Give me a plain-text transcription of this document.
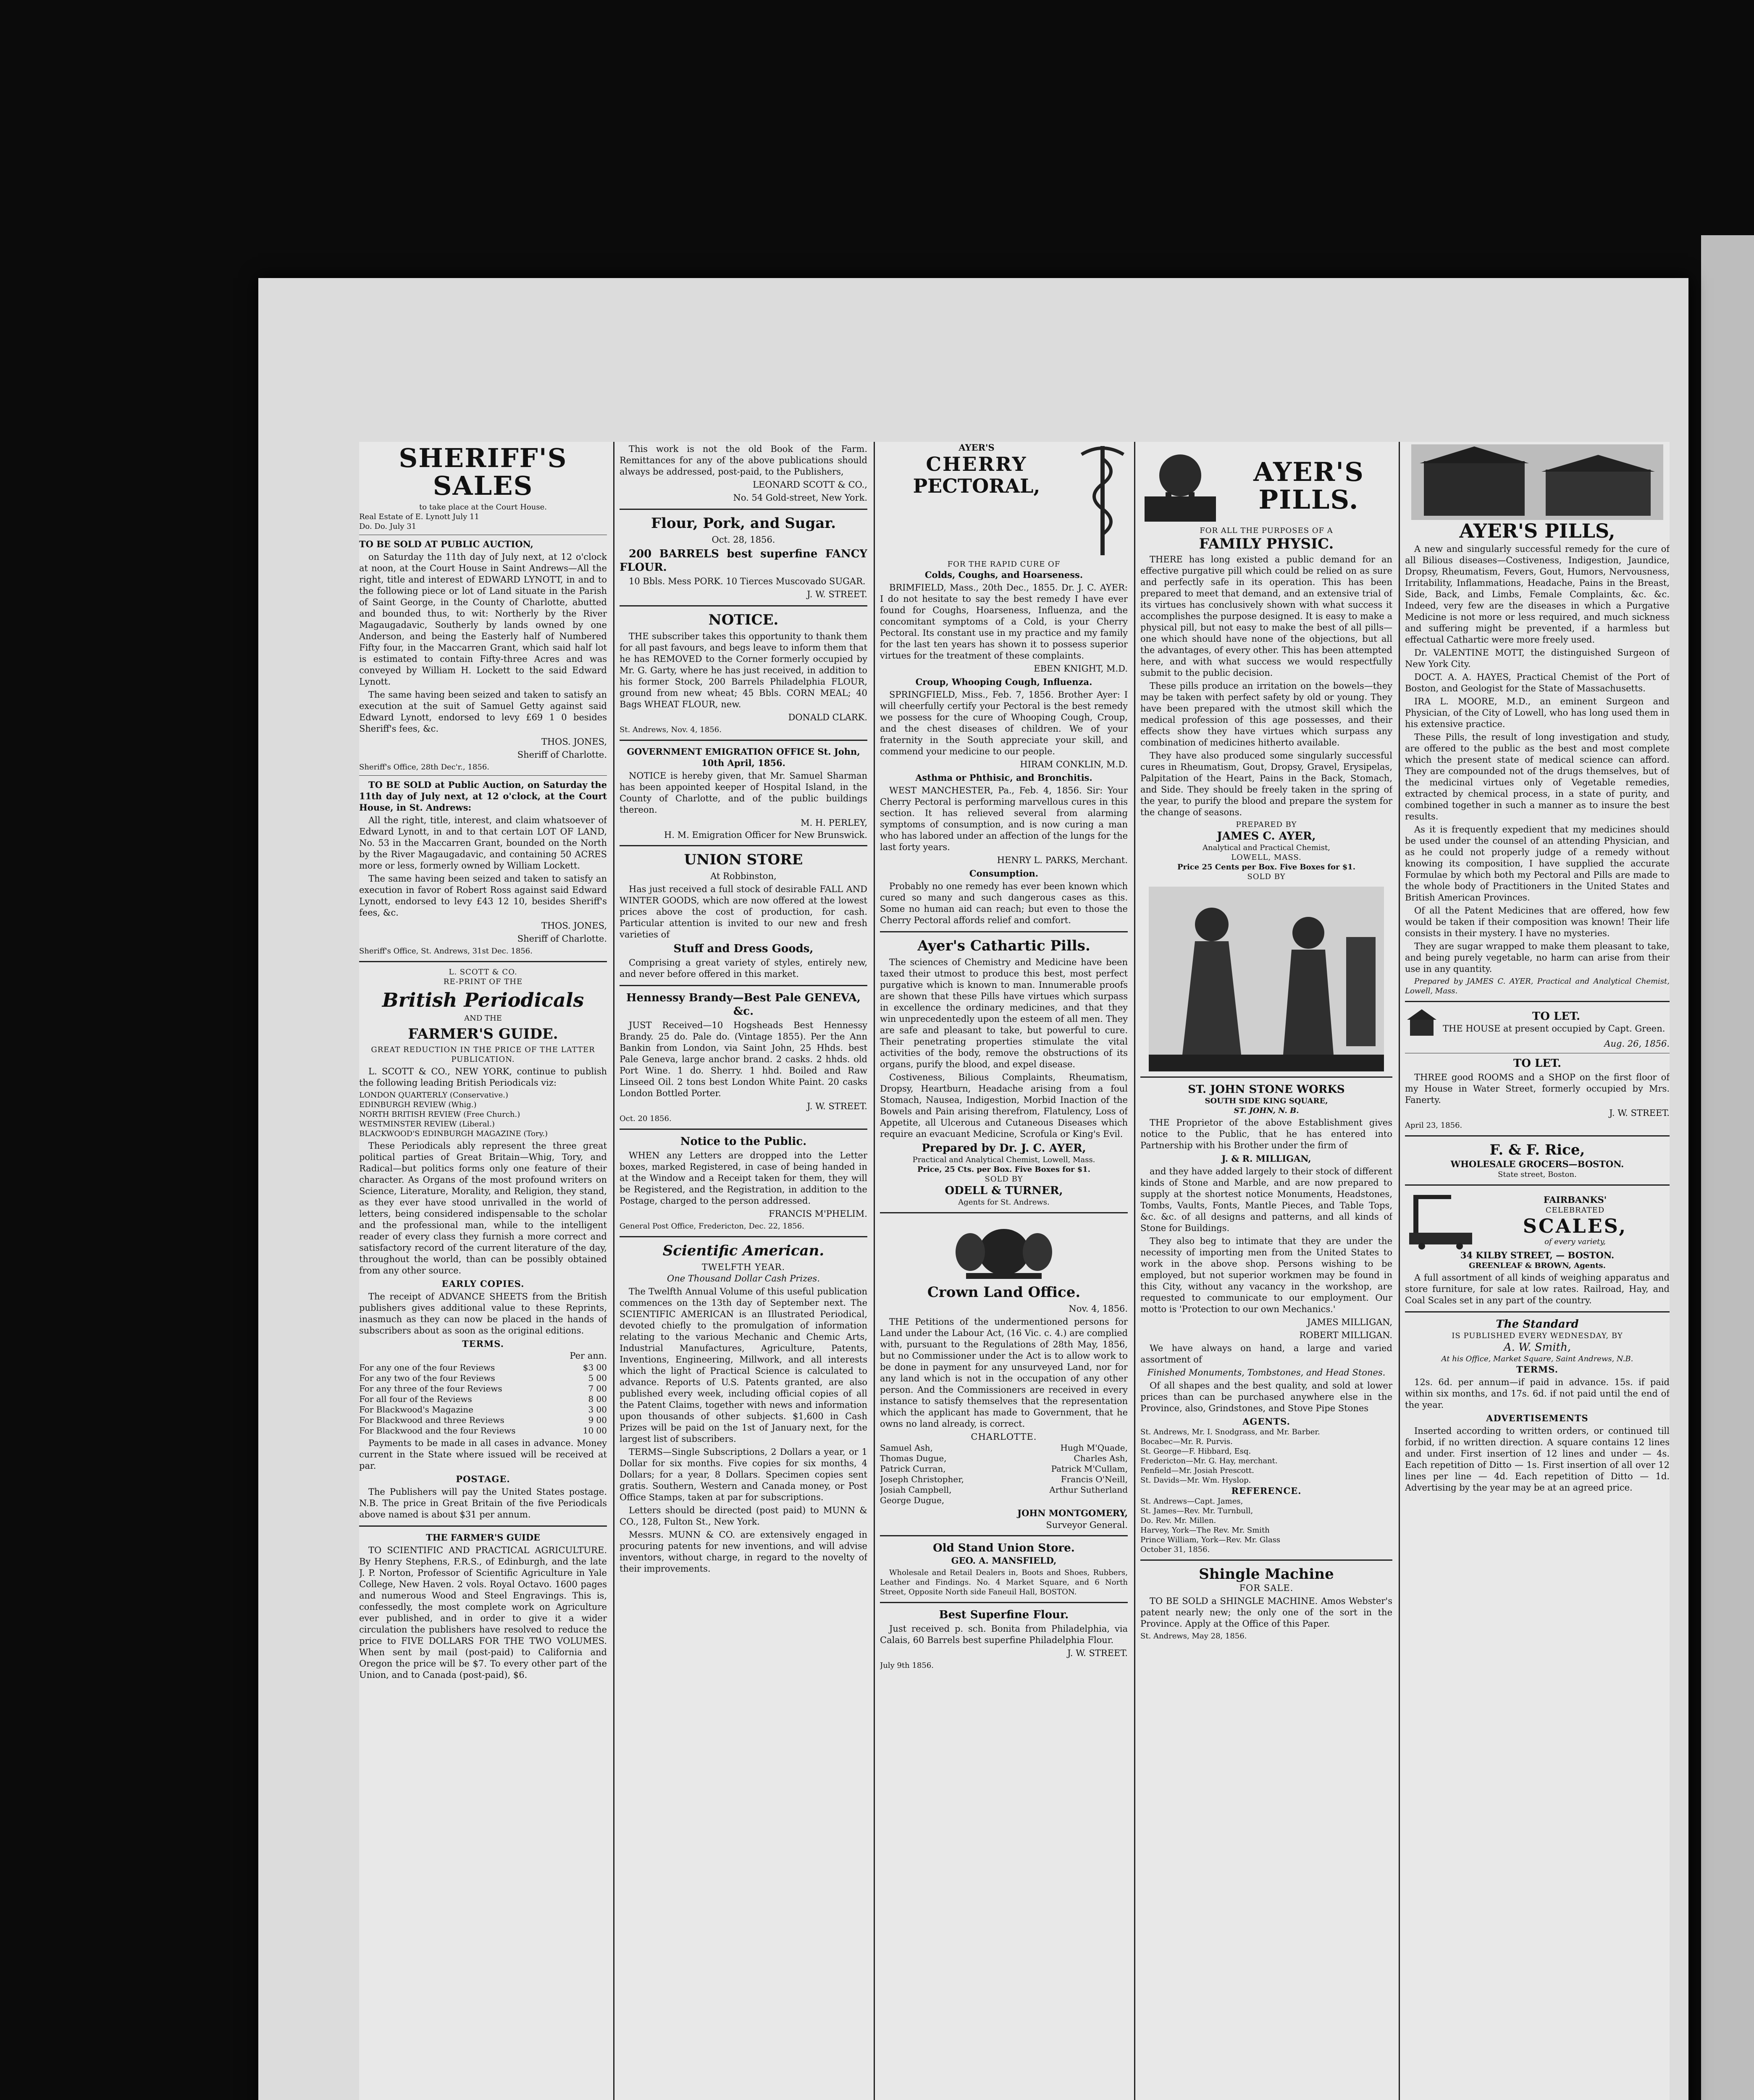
SHERIFF'S SALES
to take place at the Court House.
Real Estate of E. Lynott July 11
Do. Do. July 31
TO BE SOLD AT PUBLIC AUCTION,

on Saturday the 11th day of July next, at 12 o'clock at noon, at the Court House in Saint Andrews—All the right, title and interest of EDWARD LYNOTT, in and to the following piece or lot of Land situate in the Parish of Saint George, in the County of Charlotte, abutted and bounded thus, to wit: Northerly by the River Magaugadavic, Southerly by lands owned by one Anderson, and being the Easterly half of Numbered Fifty four, in the Maccarren Grant, which said half lot is estimated to contain Fifty-three Acres and was conveyed by William H. Lockett to the said Edward Lynott.

The same having been seized and taken to satisfy an execution at the suit of Samuel Getty against said Edward Lynott, endorsed to levy £69 1 0 besides Sheriff's fees, &c.

THOS. JONES,
Sheriff of Charlotte.
Sheriff's Office, 28th Dec'r., 1856.

TO BE SOLD at Public Auction, on Saturday the 11th day of July next, at 12 o'clock, at the Court House, in St. Andrews:

All the right, title, interest, and claim whatsoever of Edward Lynott, in and to that certain LOT OF LAND, No. 53 in the Maccarren Grant, bounded on the North by the River Magaugadavic, and containing 50 ACRES more or less, formerly owned by William Lockett.

The same having been seized and taken to satisfy an execution in favor of Robert Ross against said Edward Lynott, endorsed to levy £43 12 10, besides Sheriff's fees, &c.

THOS. JONES,
Sheriff of Charlotte.
Sheriff's Office, St. Andrews, 31st Dec. 1856.
L. SCOTT & CO.
RE-PRINT OF THE
British Periodicals
AND THE
FARMER'S GUIDE.
GREAT REDUCTION IN THE PRICE OF THE LATTER PUBLICATION.

L. SCOTT & CO., NEW YORK, continue to publish the following leading British Periodicals viz:

LONDON QUARTERLY (Conservative.)
EDINBURGH REVIEW (Whig.)
NORTH BRITISH REVIEW (Free Church.)
WESTMINSTER REVIEW (Liberal.)
BLACKWOOD'S EDINBURGH MAGAZINE (Tory.)

These Periodicals ably represent the three great political parties of Great Britain—Whig, Tory, and Radical—but politics forms only one feature of their character. As Organs of the most profound writers on Science, Literature, Morality, and Religion, they stand, as they ever have stood unrivalled in the world of letters, being considered indispensable to the scholar and the professional man, while to the intelligent reader of every class they furnish a more correct and satisfactory record of the current literature of the day, throughout the world, than can be possibly obtained from any other source.

EARLY COPIES.

The receipt of ADVANCE SHEETS from the British publishers gives additional value to these Reprints, inasmuch as they can now be placed in the hands of subscribers about as soon as the original editions.

TERMS.
Per ann.
For any one of the four Reviews	$3 00
For any two of the four Reviews	5 00
For any three of the four Reviews	7 00
For all four of the Reviews	8 00
For Blackwood's Magazine	3 00
For Blackwood and three Reviews	9 00
For Blackwood and the four Reviews	10 00

Payments to be made in all cases in advance. Money current in the State where issued will be received at par.

POSTAGE.

The Publishers will pay the United States postage. N.B. The price in Great Britain of the five Periodicals above named is about $31 per annum.

THE FARMER'S GUIDE

TO SCIENTIFIC AND PRACTICAL AGRICULTURE. By Henry Stephens, F.R.S., of Edinburgh, and the late J. P. Norton, Professor of Scientific Agriculture in Yale College, New Haven. 2 vols. Royal Octavo. 1600 pages and numerous Wood and Steel Engravings. This is, confessedly, the most complete work on Agriculture ever published, and in order to give it a wider circulation the publishers have resolved to reduce the price to FIVE DOLLARS FOR THE TWO VOLUMES. When sent by mail (post-paid) to California and Oregon the price will be $7. To every other part of the Union, and to Canada (post-paid), $6.

This work is not the old Book of the Farm. Remittances for any of the above publications should always be addressed, post-paid, to the Publishers,

LEONARD SCOTT & CO.,
No. 54 Gold-street, New York.
Flour, Pork, and Sugar.
Oct. 28, 1856.

200 BARRELS best superfine FANCY FLOUR.

10 Bbls. Mess PORK. 10 Tierces Muscovado SUGAR.

J. W. STREET.
NOTICE.

THE subscriber takes this opportunity to thank them for all past favours, and begs leave to inform them that he has REMOVED to the Corner formerly occupied by Mr. G. Garty, where he has just received, in addition to his former Stock, 200 Barrels Philadelphia FLOUR, ground from new wheat; 45 Bbls. CORN MEAL; 40 Bags WHEAT FLOUR, new.

DONALD CLARK.
St. Andrews, Nov. 4, 1856.
GOVERNMENT EMIGRATION OFFICE St. John, 10th April, 1856.

NOTICE is hereby given, that Mr. Samuel Sharman has been appointed keeper of Hospital Island, in the County of Charlotte, and of the public buildings thereon.

M. H. PERLEY,
H. M. Emigration Officer for New Brunswick.
UNION STORE
At Robbinston,

Has just received a full stock of desirable FALL AND WINTER GOODS, which are now offered at the lowest prices above the cost of production, for cash. Particular attention is invited to our new and fresh varieties of

Stuff and Dress Goods,

Comprising a great variety of styles, entirely new, and never before offered in this market.

Hennessy Brandy—Best Pale GENEVA, &c.

JUST Received—10 Hogsheads Best Hennessy Brandy. 25 do. Pale do. (Vintage 1855). Per the Ann Bankin from London, via Saint John, 25 Hhds. best Pale Geneva, large anchor brand. 2 casks. 2 hhds. old Port Wine. 1 do. Sherry. 1 hhd. Boiled and Raw Linseed Oil. 2 tons best London White Paint. 20 casks London Bottled Porter.

J. W. STREET.
Oct. 20 1856.
Notice to the Public.

WHEN any Letters are dropped into the Letter boxes, marked Registered, in case of being handed in at the Window and a Receipt taken for them, they will be Registered, and the Registration, in addition to the Postage, charged to the person addressed.

FRANCIS M'PHELIM.
General Post Office, Fredericton, Dec. 22, 1856.
Scientific American.
TWELFTH YEAR.
One Thousand Dollar Cash Prizes.

The Twelfth Annual Volume of this useful publication commences on the 13th day of September next. The SCIENTIFIC AMERICAN is an Illustrated Periodical, devoted chiefly to the promulgation of information relating to the various Mechanic and Chemic Arts, Industrial Manufactures, Agriculture, Patents, Inventions, Engineering, Millwork, and all interests which the light of Practical Science is calculated to advance. Reports of U.S. Patents granted, are also published every week, including official copies of all the Patent Claims, together with news and information upon thousands of other subjects. $1,600 in Cash Prizes will be paid on the 1st of January next, for the largest list of subscribers.

TERMS—Single Subscriptions, 2 Dollars a year, or 1 Dollar for six months. Five copies for six months, 4 Dollars; for a year, 8 Dollars. Specimen copies sent gratis. Southern, Western and Canada money, or Post Office Stamps, taken at par for subscriptions.

Letters should be directed (post paid) to MUNN & CO., 128, Fulton St., New York.

Messrs. MUNN & CO. are extensively engaged in procuring patents for new inventions, and will advise inventors, without charge, in regard to the novelty of their improvements.

AYER'S
CHERRY
PECTORAL,
FOR THE RAPID CURE OF
Colds, Coughs, and Hoarseness.

BRIMFIELD, Mass., 20th Dec., 1855. Dr. J. C. AYER: I do not hesitate to say the best remedy I have ever found for Coughs, Hoarseness, Influenza, and the concomitant symptoms of a Cold, is your Cherry Pectoral. Its constant use in my practice and my family for the last ten years has shown it to possess superior virtues for the treatment of these complaints.

EBEN KNIGHT, M.D.
Croup, Whooping Cough, Influenza.

SPRINGFIELD, Miss., Feb. 7, 1856. Brother Ayer: I will cheerfully certify your Pectoral is the best remedy we possess for the cure of Whooping Cough, Croup, and the chest diseases of children. We of your fraternity in the South appreciate your skill, and commend your medicine to our people.

HIRAM CONKLIN, M.D.
Asthma or Phthisic, and Bronchitis.

WEST MANCHESTER, Pa., Feb. 4, 1856. Sir: Your Cherry Pectoral is performing marvellous cures in this section. It has relieved several from alarming symptoms of consumption, and is now curing a man who has labored under an affection of the lungs for the last forty years.

HENRY L. PARKS, Merchant.
Consumption.

Probably no one remedy has ever been known which cured so many and such dangerous cases as this. Some no human aid can reach; but even to those the Cherry Pectoral affords relief and comfort.

Ayer's Cathartic Pills.

The sciences of Chemistry and Medicine have been taxed their utmost to produce this best, most perfect purgative which is known to man. Innumerable proofs are shown that these Pills have virtues which surpass in excellence the ordinary medicines, and that they win unprecedentedly upon the esteem of all men. They are safe and pleasant to take, but powerful to cure. Their penetrating properties stimulate the vital activities of the body, remove the obstructions of its organs, purify the blood, and expel disease.

Costiveness, Bilious Complaints, Rheumatism, Dropsy, Heartburn, Headache arising from a foul Stomach, Nausea, Indigestion, Morbid Inaction of the Bowels and Pain arising therefrom, Flatulency, Loss of Appetite, all Ulcerous and Cutaneous Diseases which require an evacuant Medicine, Scrofula or King's Evil.

Prepared by Dr. J. C. AYER,
Practical and Analytical Chemist, Lowell, Mass.
Price, 25 Cts. per Box. Five Boxes for $1.
SOLD BY
ODELL & TURNER,
Agents for St. Andrews.
Crown Land Office.
Nov. 4, 1856.

THE Petitions of the undermentioned persons for Land under the Labour Act, (16 Vic. c. 4.) are complied with, pursuant to the Regulations of 28th May, 1856, but no Commissioner under the Act is to allow work to be done in payment for any unsurveyed Land, nor for any land which is not in the occupation of any other person. And the Commissioners are received in every instance to satisfy themselves that the representation which the applicant has made to Government, that he owns no land already, is correct.

CHARLOTTE.
Samuel Ash,	Hugh M'Quade,
Thomas Dugue,	Charles Ash,
Patrick Curran,	Patrick M'Cullam,
Joseph Christopher,	Francis O'Neill,
Josiah Campbell,	Arthur Sutherland
George Dugue,
JOHN MONTGOMERY,
Surveyor General.
Old Stand Union Store.
GEO. A. MANSFIELD,

Wholesale and Retail Dealers in, Boots and Shoes, Rubbers, Leather and Findings. No. 4 Market Square, and 6 North Street, Opposite North side Faneuil Hall, BOSTON.

Best Superfine Flour.

Just received p. sch. Bonita from Philadelphia, via Calais, 60 Barrels best superfine Philadelphia Flour.

J. W. STREET.
July 9th 1856.
AYER'S PILLS.
FOR ALL THE PURPOSES OF A
FAMILY PHYSIC.

THERE has long existed a public demand for an effective purgative pill which could be relied on as sure and perfectly safe in its operation. This has been prepared to meet that demand, and an extensive trial of its virtues has conclusively shown with what success it accomplishes the purpose designed. It is easy to make a physical pill, but not easy to make the best of all pills—one which should have none of the objections, but all the advantages, of every other. This has been attempted here, and with what success we would respectfully submit to the public decision.

These pills produce an irritation on the bowels—they may be taken with perfect safety by old or young. They have been prepared with the utmost skill which the medical profession of this age possesses, and their effects show they have virtues which surpass any combination of medicines hitherto available.

They have also produced some singularly successful cures in Rheumatism, Gout, Dropsy, Gravel, Erysipelas, Palpitation of the Heart, Pains in the Back, Stomach, and Side. They should be freely taken in the spring of the year, to purify the blood and prepare the system for the change of seasons.

PREPARED BY
JAMES C. AYER,
Analytical and Practical Chemist,
LOWELL, MASS.
Price 25 Cents per Box. Five Boxes for $1.
SOLD BY
ST. JOHN STONE WORKS
SOUTH SIDE KING SQUARE,
ST. JOHN, N. B.

THE Proprietor of the above Establishment gives notice to the Public, that he has entered into Partnership with his Brother under the firm of

J. & R. MILLIGAN,

and they have added largely to their stock of different kinds of Stone and Marble, and are now prepared to supply at the shortest notice Monuments, Headstones, Tombs, Vaults, Fonts, Mantle Pieces, and Table Tops, &c. &c. of all designs and patterns, and all kinds of Stone for Buildings.

They also beg to intimate that they are under the necessity of importing men from the United States to work in the above shop. Persons wishing to be employed, but not superior workmen may be found in this City, without any vacancy in the workshop, are requested to communicate to our employment. Our motto is 'Protection to our own Mechanics.'

JAMES MILLIGAN,
ROBERT MILLIGAN.

We have always on hand, a large and varied assortment of

Finished Monuments, Tombstones, and Head Stones.

Of all shapes and the best quality, and sold at lower prices than can be purchased anywhere else in the Province, also, Grindstones, and Stove Pipe Stones

AGENTS.
St. Andrews, Mr. I. Snodgrass, and Mr. Barber.
Bocabec—Mr. R. Purvis.
St. George—F. Hibbard, Esq.
Fredericton—Mr. G. Hay, merchant.
Penfield—Mr. Josiah Prescott.
St. Davids—Mr. Wm. Hyslop.
REFERENCE.
St. Andrews—Capt. James,
St. James—Rev. Mr. Turnbull,
Do. Rev. Mr. Millen.
Harvey, York—The Rev. Mr. Smith
Prince William, York—Rev. Mr. Glass
October 31, 1856.
Shingle Machine
FOR SALE.

TO BE SOLD a SHINGLE MACHINE. Amos Webster's patent nearly new; the only one of the sort in the Province. Apply at the Office of this Paper.

St. Andrews, May 28, 1856.
AYER'S PILLS,

A new and singularly successful remedy for the cure of all Bilious diseases—Costiveness, Indigestion, Jaundice, Dropsy, Rheumatism, Fevers, Gout, Humors, Nervousness, Irritability, Inflammations, Headache, Pains in the Breast, Side, Back, and Limbs, Female Complaints, &c. &c. Indeed, very few are the diseases in which a Purgative Medicine is not more or less required, and much sickness and suffering might be prevented, if a harmless but effectual Cathartic were more freely used.

Dr. VALENTINE MOTT, the distinguished Surgeon of New York City.

DOCT. A. A. HAYES, Practical Chemist of the Port of Boston, and Geologist for the State of Massachusetts.

IRA L. MOORE, M.D., an eminent Surgeon and Physician, of the City of Lowell, who has long used them in his extensive practice.

These Pills, the result of long investigation and study, are offered to the public as the best and most complete which the present state of medical science can afford. They are compounded not of the drugs themselves, but of the medicinal virtues only of Vegetable remedies, extracted by chemical process, in a state of purity, and combined together in such a manner as to insure the best results.

As it is frequently expedient that my medicines should be used under the counsel of an attending Physician, and as he could not properly judge of a remedy without knowing its composition, I have supplied the accurate Formulae by which both my Pectoral and Pills are made to the whole body of Practitioners in the United States and British American Provinces.

Of all the Patent Medicines that are offered, how few would be taken if their composition was known! Their life consists in their mystery. I have no mysteries.

They are sugar wrapped to make them pleasant to take, and being purely vegetable, no harm can arise from their use in any quantity.

Prepared by JAMES C. AYER, Practical and Analytical Chemist, Lowell, Mass.

TO LET.
THE HOUSE at present occupied by Capt. Green.
Aug. 26, 1856.
TO LET.

THREE good ROOMS and a SHOP on the first floor of my House in Water Street, formerly occupied by Mrs. Fanerty.

J. W. STREET.
April 23, 1856.
F. & F. Rice,
WHOLESALE GROCERS—BOSTON.
State street, Boston.
FAIRBANKS'
CELEBRATED
SCALES,
of every variety,
34 KILBY STREET, — BOSTON.
GREENLEAF & BROWN, Agents.

A full assortment of all kinds of weighing apparatus and store furniture, for sale at low rates. Railroad, Hay, and Coal Scales set in any part of the country.

The Standard
IS PUBLISHED EVERY WEDNESDAY, BY
A. W. Smith,
At his Office, Market Square, Saint Andrews, N.B.
TERMS.

12s. 6d. per annum—if paid in advance. 15s. if paid within six months, and 17s. 6d. if not paid until the end of the year.

ADVERTISEMENTS

Inserted according to written orders, or continued till forbid, if no written direction. A square contains 12 lines and under. First insertion of 12 lines and under — 4s. Each repetition of Ditto — 1s. First insertion of all over 12 lines per line — 4d. Each repetition of Ditto — 1d. Advertising by the year may be at an agreed price.
